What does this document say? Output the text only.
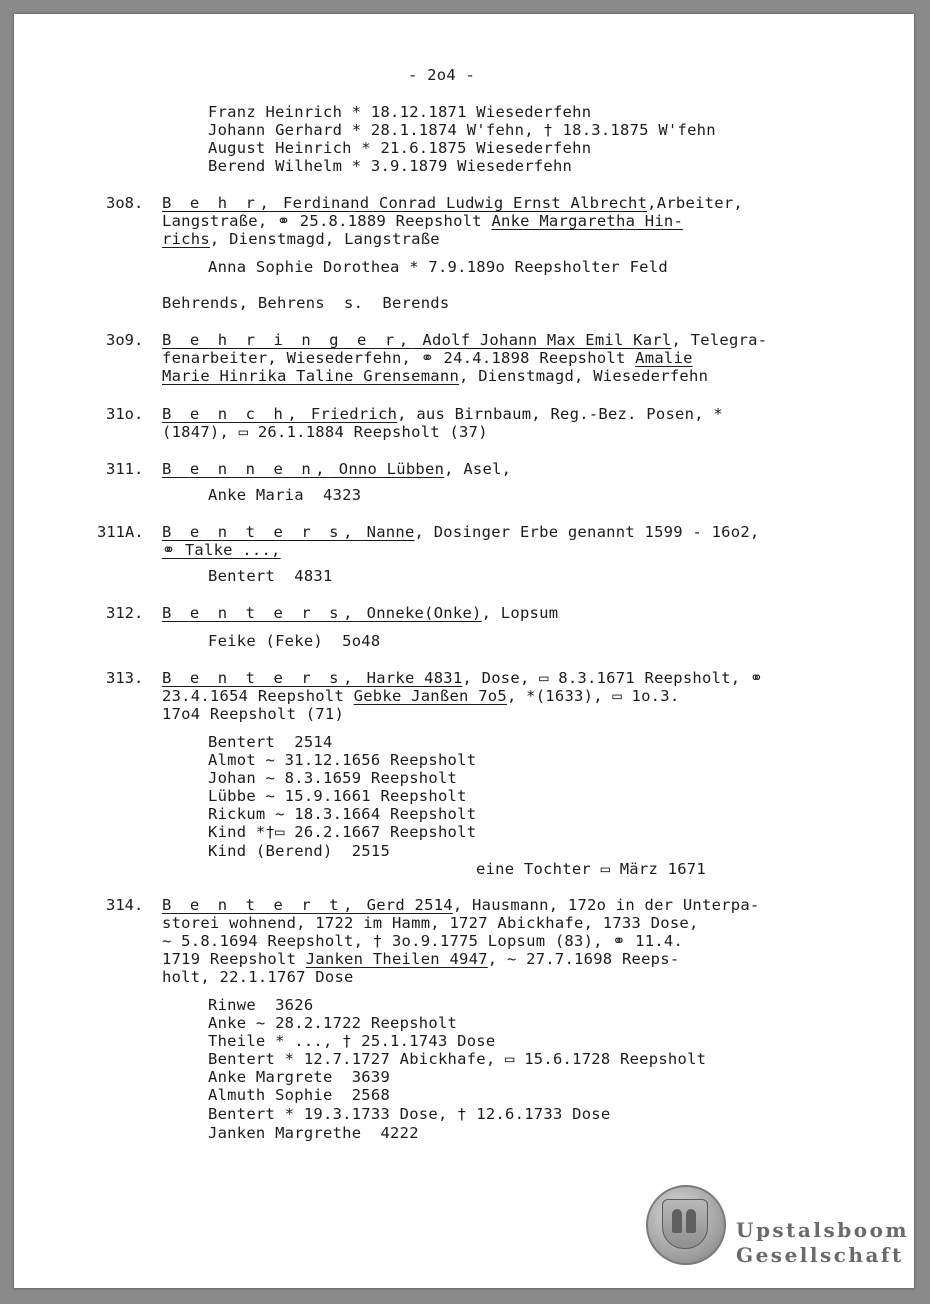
- 2o4 -
Franz Heinrich * 18.12.1871 Wiesederfehn
Johann Gerhard * 28.1.1874 W'fehn, † 18.3.1875 W'fehn
August Heinrich * 21.6.1875 Wiesederfehn
Berend Wilhelm * 3.9.1879 Wiesederfehn
3o8. B e h r, Ferdinand Conrad Ludwig Ernst Albrecht,Arbeiter,
Langstraße, ⚭ 25.8.1889 Reepsholt Anke Margaretha Hin-
richs, Dienstmagd, Langstraße
Anna Sophie Dorothea * 7.9.189o Reepsholter Feld
Behrends, Behrens  s.  Berends
3o9. B e h r i n g e r, Adolf Johann Max Emil Karl, Telegra-
fenarbeiter, Wiesederfehn, ⚭ 24.4.1898 Reepsholt Amalie
Marie Hinrika Taline Grensemann, Dienstmagd, Wiesederfehn
31o. B e n c h, Friedrich, aus Birnbaum, Reg.-Bez. Posen, *
(1847), ▭ 26.1.1884 Reepsholt (37)
311. B e n n e n, Onno Lübben, Asel,
Anke Maria  4323
311A. B e n t e r s, Nanne, Dosinger Erbe genannt 1599 - 16o2,
⚭ Talke ...,
Bentert  4831
312. B e n t e r s, Onneke(Onke), Lopsum
Feike (Feke)  5o48
313. B e n t e r s, Harke 4831, Dose, ▭ 8.3.1671 Reepsholt, ⚭
23.4.1654 Reepsholt Gebke Janßen 7o5, *(1633), ▭ 1o.3.
17o4 Reepsholt (71)
Bentert  2514
Almot ~ 31.12.1656 Reepsholt
Johan ~ 8.3.1659 Reepsholt
Lübbe ~ 15.9.1661 Reepsholt
Rickum ~ 18.3.1664 Reepsholt
Kind *†▭ 26.2.1667 Reepsholt
Kind (Berend)  2515
eine Tochter ▭ März 1671
314. B e n t e r t, Gerd 2514, Hausmann, 172o in der Unterpa-
storei wohnend, 1722 im Hamm, 1727 Abickhafe, 1733 Dose,
~ 5.8.1694 Reepsholt, † 3o.9.1775 Lopsum (83), ⚭ 11.4.
1719 Reepsholt Janken Theilen 4947, ~ 27.7.1698 Reeps-
holt, 22.1.1767 Dose
Rinwe  3626
Anke ~ 28.2.1722 Reepsholt
Theile * ..., † 25.1.1743 Dose
Bentert * 12.7.1727 Abickhafe, ▭ 15.6.1728 Reepsholt
Anke Margrete  3639
Almuth Sophie  2568
Bentert * 19.3.1733 Dose, † 12.6.1733 Dose
Janken Margrethe  4222
Upstalsboom
Gesellschaft
